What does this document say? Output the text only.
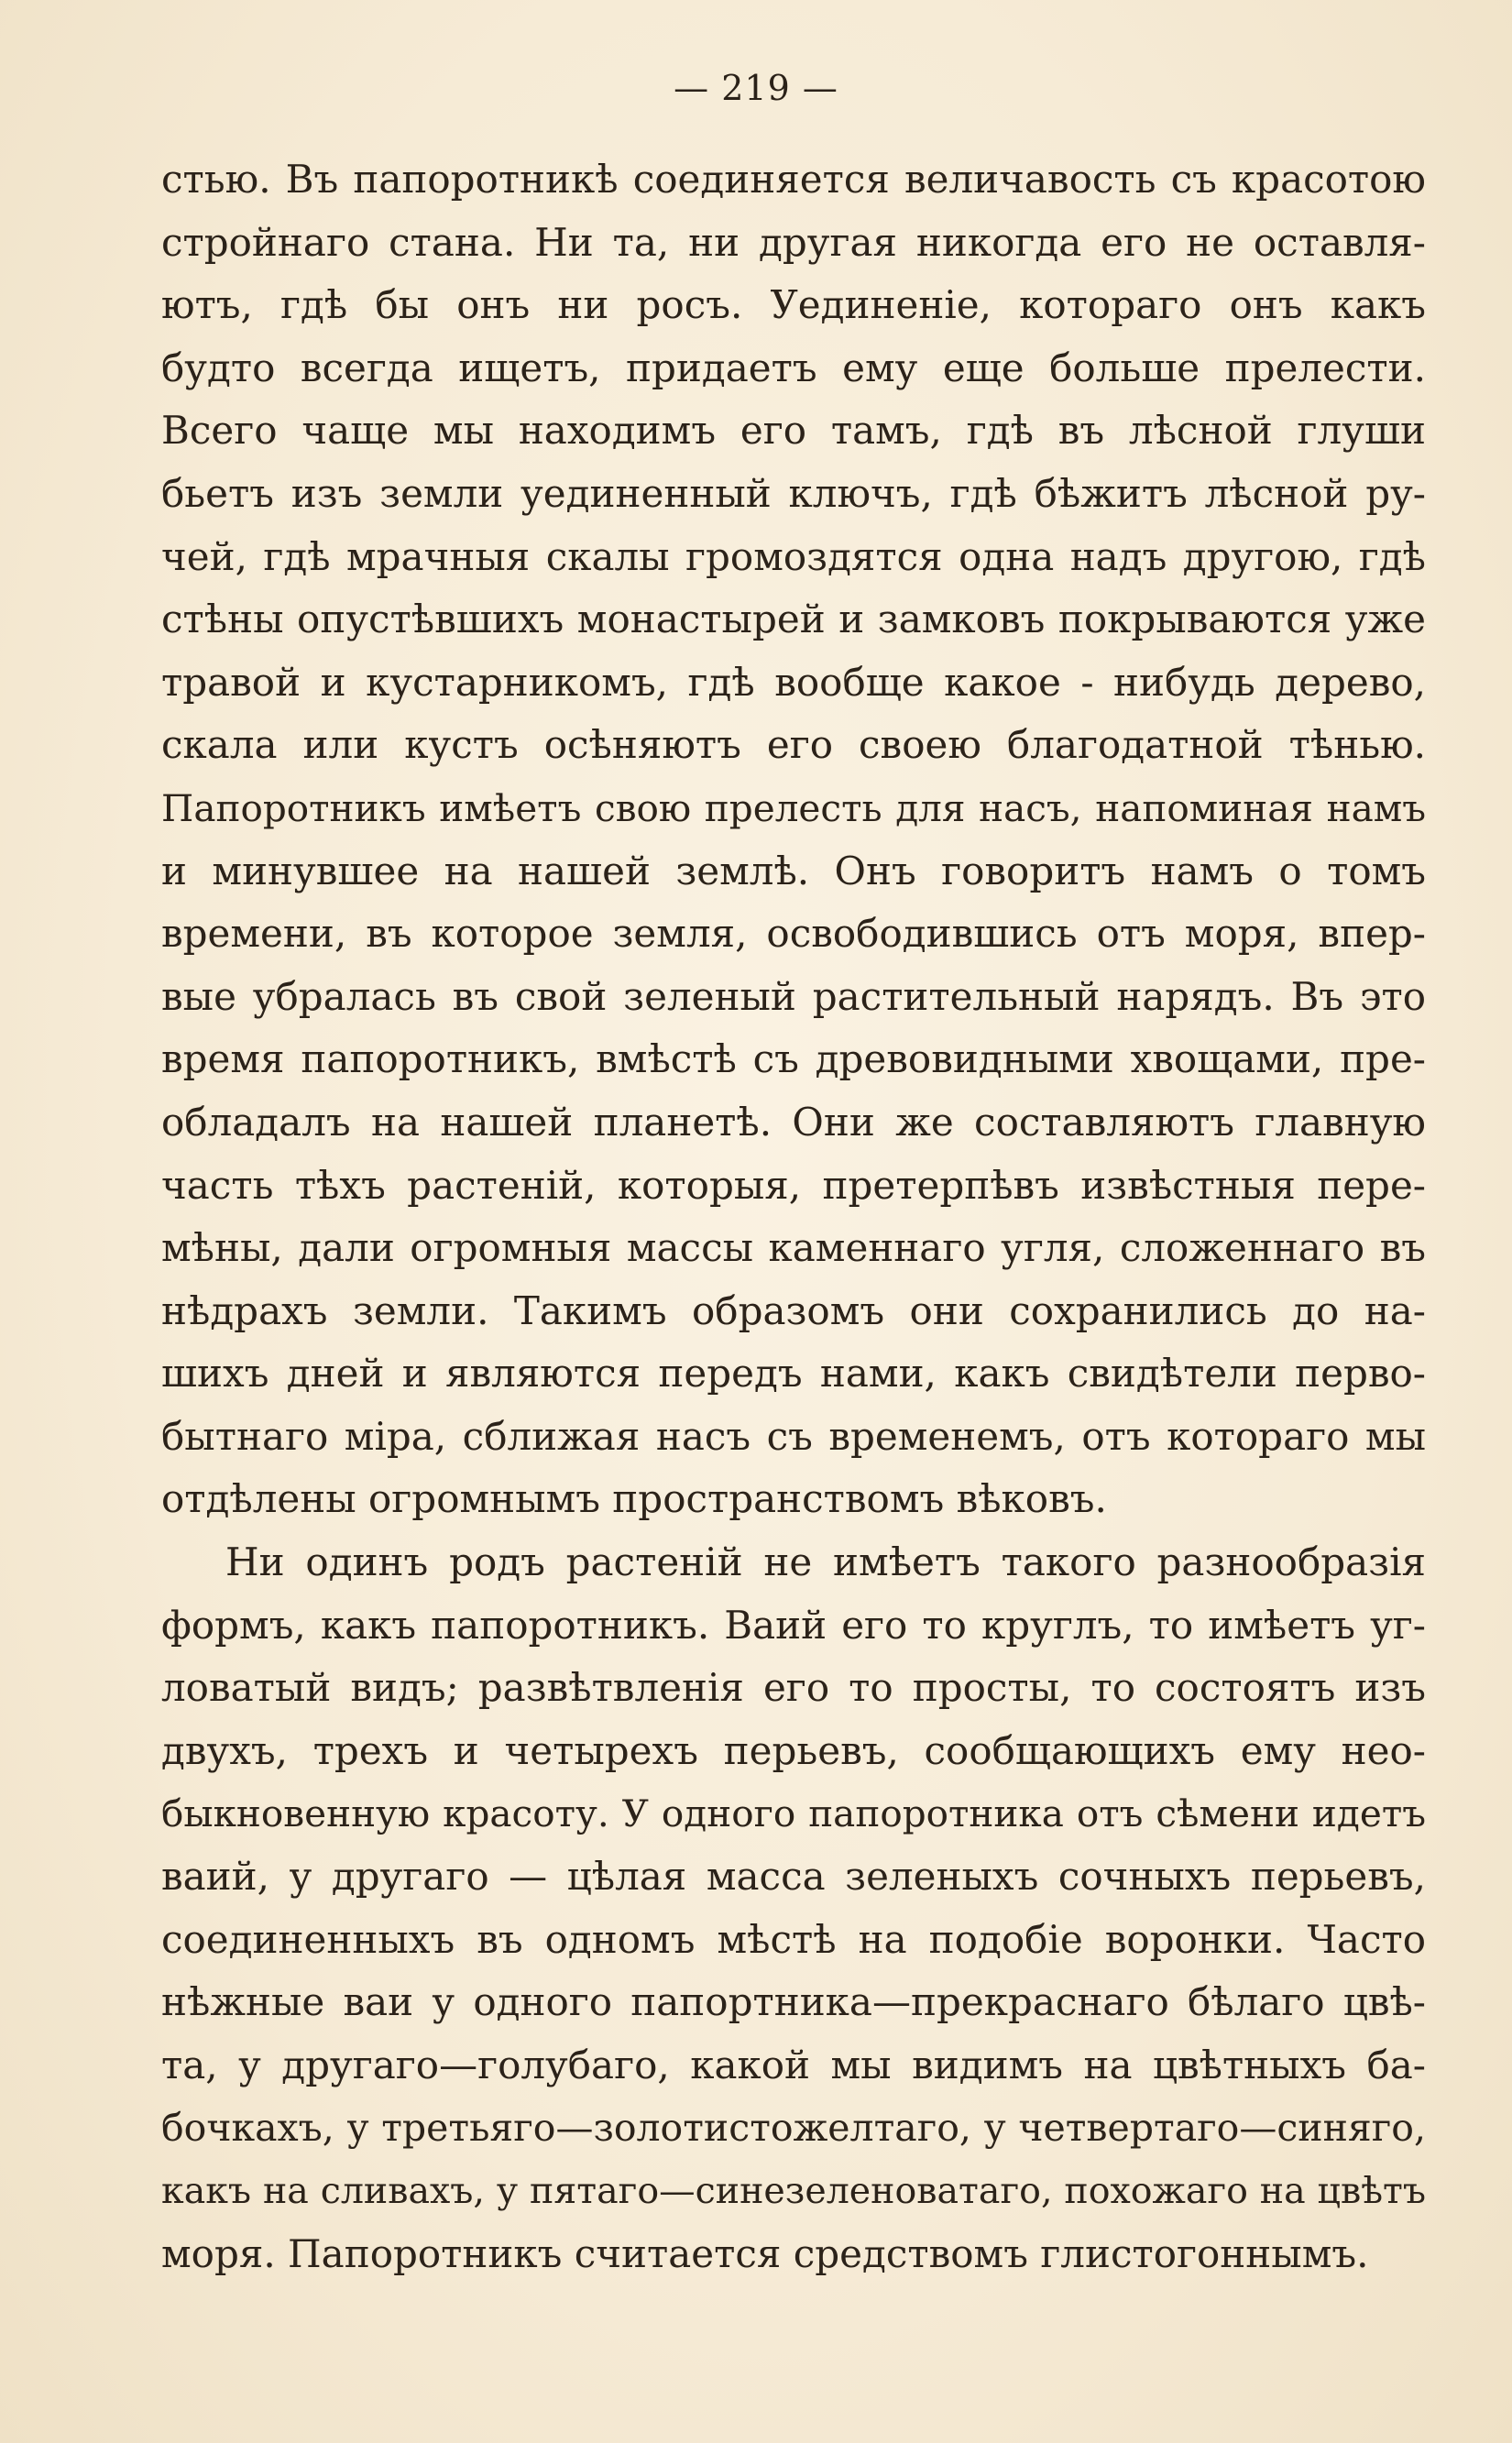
— 219 —
стью. Въ папоротникѣ соединяется величавость съ красотою
стройнаго стана. Ни та, ни другая никогда его не оставля-
ютъ, гдѣ бы онъ ни росъ. Уединеніе, котораго онъ какъ
будто всегда ищетъ, придаетъ ему еще больше прелести.
Всего чаще мы находимъ его тамъ, гдѣ въ лѣсной глуши
бьетъ изъ земли уединенный ключъ, гдѣ бѣжитъ лѣсной ру-
чей, гдѣ мрачныя скалы громоздятся одна надъ другою, гдѣ
стѣны опустѣвшихъ монастырей и замковъ покрываются уже
травой и кустарникомъ, гдѣ вообще какое - нибудь дерево,
скала или кустъ осѣняютъ его своею благодатной тѣнью.
Папоротникъ имѣетъ свою прелесть для насъ, напоминая намъ
и минувшее на нашей землѣ. Онъ говоритъ намъ о томъ
времени, въ которое земля, освободившись отъ моря, впер-
вые убралась въ свой зеленый растительный нарядъ. Въ это
время папоротникъ, вмѣстѣ съ древовидными хвощами, пре-
обладалъ на нашей планетѣ. Они же составляютъ главную
часть тѣхъ растеній, которыя, претерпѣвъ извѣстныя пере-
мѣны, дали огромныя массы каменнаго угля, сложеннаго въ
нѣдрахъ земли. Такимъ образомъ они сохранились до на-
шихъ дней и являются передъ нами, какъ свидѣтели перво-
бытнаго міра, сближая насъ съ временемъ, отъ котораго мы
отдѣлены огромнымъ пространствомъ вѣковъ.
Ни одинъ родъ растеній не имѣетъ такого разнообразія
формъ, какъ папоротникъ. Ваий его то круглъ, то имѣетъ уг-
ловатый видъ; развѣтвленія его то просты, то состоятъ изъ
двухъ, трехъ и четырехъ перьевъ, сообщающихъ ему нео-
быкновенную красоту. У одного папоротника отъ сѣмени идетъ
ваий, у другаго — цѣлая масса зеленыхъ сочныхъ перьевъ,
соединенныхъ въ одномъ мѣстѣ на подобіе воронки. Часто
нѣжные ваи у одного папортника—прекраснаго бѣлаго цвѣ-
та, у другаго—голубаго, какой мы видимъ на цвѣтныхъ ба-
бочкахъ, у третьяго—золотистожелтаго, у четвертаго—синяго,
какъ на сливахъ, у пятаго—синезеленоватаго, похожаго на цвѣтъ
моря. Папоротникъ считается средствомъ глистогоннымъ.
